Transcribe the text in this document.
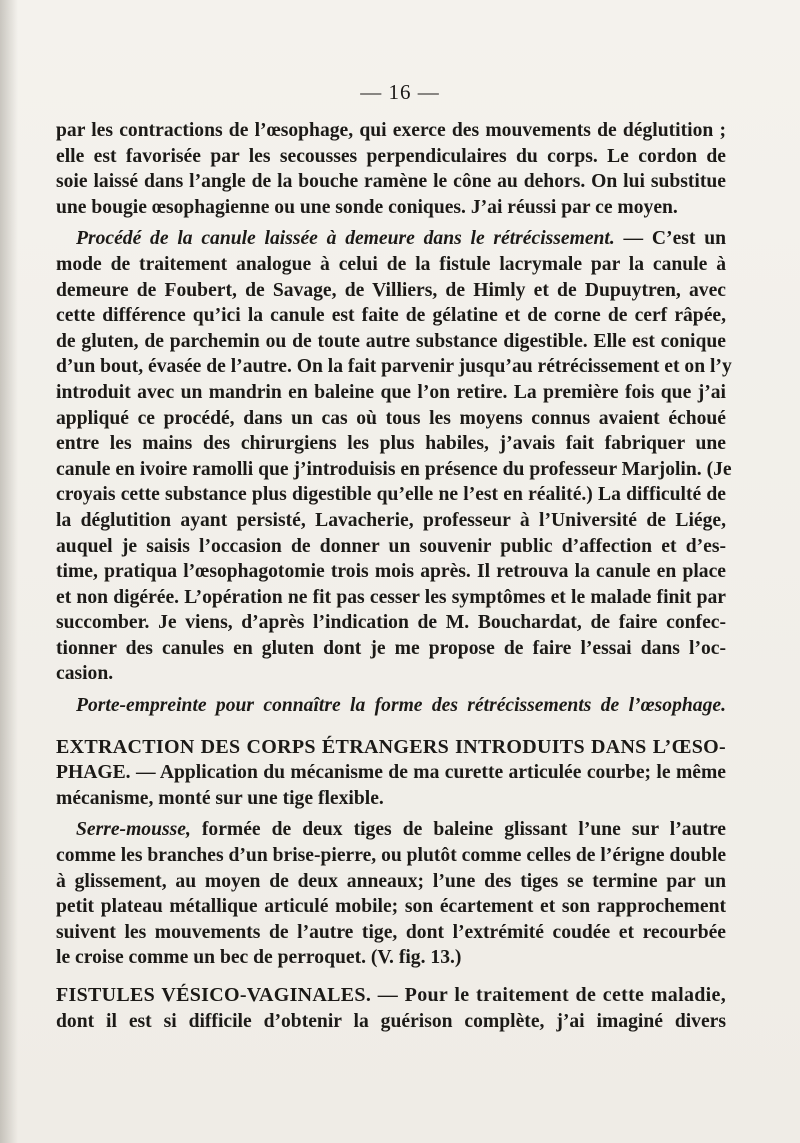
— 16 —
par les contractions de l’œsophage, qui exerce des mouvements de déglutition ;
elle est favorisée par les secousses perpendiculaires du corps. Le cordon de
soie laissé dans l’angle de la bouche ramène le cône au dehors. On lui substitue
une bougie œsophagienne ou une sonde coniques. J’ai réussi par ce moyen.
Procédé de la canule laissée à demeure dans le rétrécissement. — C’est un
mode de traitement analogue à celui de la fistule lacrymale par la canule à
demeure de Foubert, de Savage, de Villiers, de Himly et de Dupuytren, avec
cette différence qu’ici la canule est faite de gélatine et de corne de cerf râpée,
de gluten, de parchemin ou de toute autre substance digestible. Elle est conique
d’un bout, évasée de l’autre. On la fait parvenir jusqu’au rétrécissement et on l’y
introduit avec un mandrin en baleine que l’on retire. La première fois que j’ai
appliqué ce procédé, dans un cas où tous les moyens connus avaient échoué
entre les mains des chirurgiens les plus habiles, j’avais fait fabriquer une
canule en ivoire ramolli que j’introduisis en présence du professeur Marjolin. (Je
croyais cette substance plus digestible qu’elle ne l’est en réalité.) La difficulté de
la déglutition ayant persisté, Lavacherie, professeur à l’Université de Liége,
auquel je saisis l’occasion de donner un souvenir public d’affection et d’es-
time, pratiqua l’œsophagotomie trois mois après. Il retrouva la canule en place
et non digérée. L’opération ne fit pas cesser les symptômes et le malade finit par
succomber. Je viens, d’après l’indication de M. Bouchardat, de faire confec-
tionner des canules en gluten dont je me propose de faire l’essai dans l’oc-
casion.
Porte-empreinte pour connaître la forme des rétrécissements de l’œsophage.
EXTRACTION DES CORPS ÉTRANGERS INTRODUITS DANS L’ŒSO-
PHAGE. — Application du mécanisme de ma curette articulée courbe; le même
mécanisme, monté sur une tige flexible.
Serre-mousse, formée de deux tiges de baleine glissant l’une sur l’autre
comme les branches d’un brise-pierre, ou plutôt comme celles de l’érigne double
à glissement, au moyen de deux anneaux; l’une des tiges se termine par un
petit plateau métallique articulé mobile; son écartement et son rapprochement
suivent les mouvements de l’autre tige, dont l’extrémité coudée et recourbée
le croise comme un bec de perroquet. (V. fig. 13.)
FISTULES VÉSICO-VAGINALES. — Pour le traitement de cette maladie,
dont il est si difficile d’obtenir la guérison complète, j’ai imaginé divers
